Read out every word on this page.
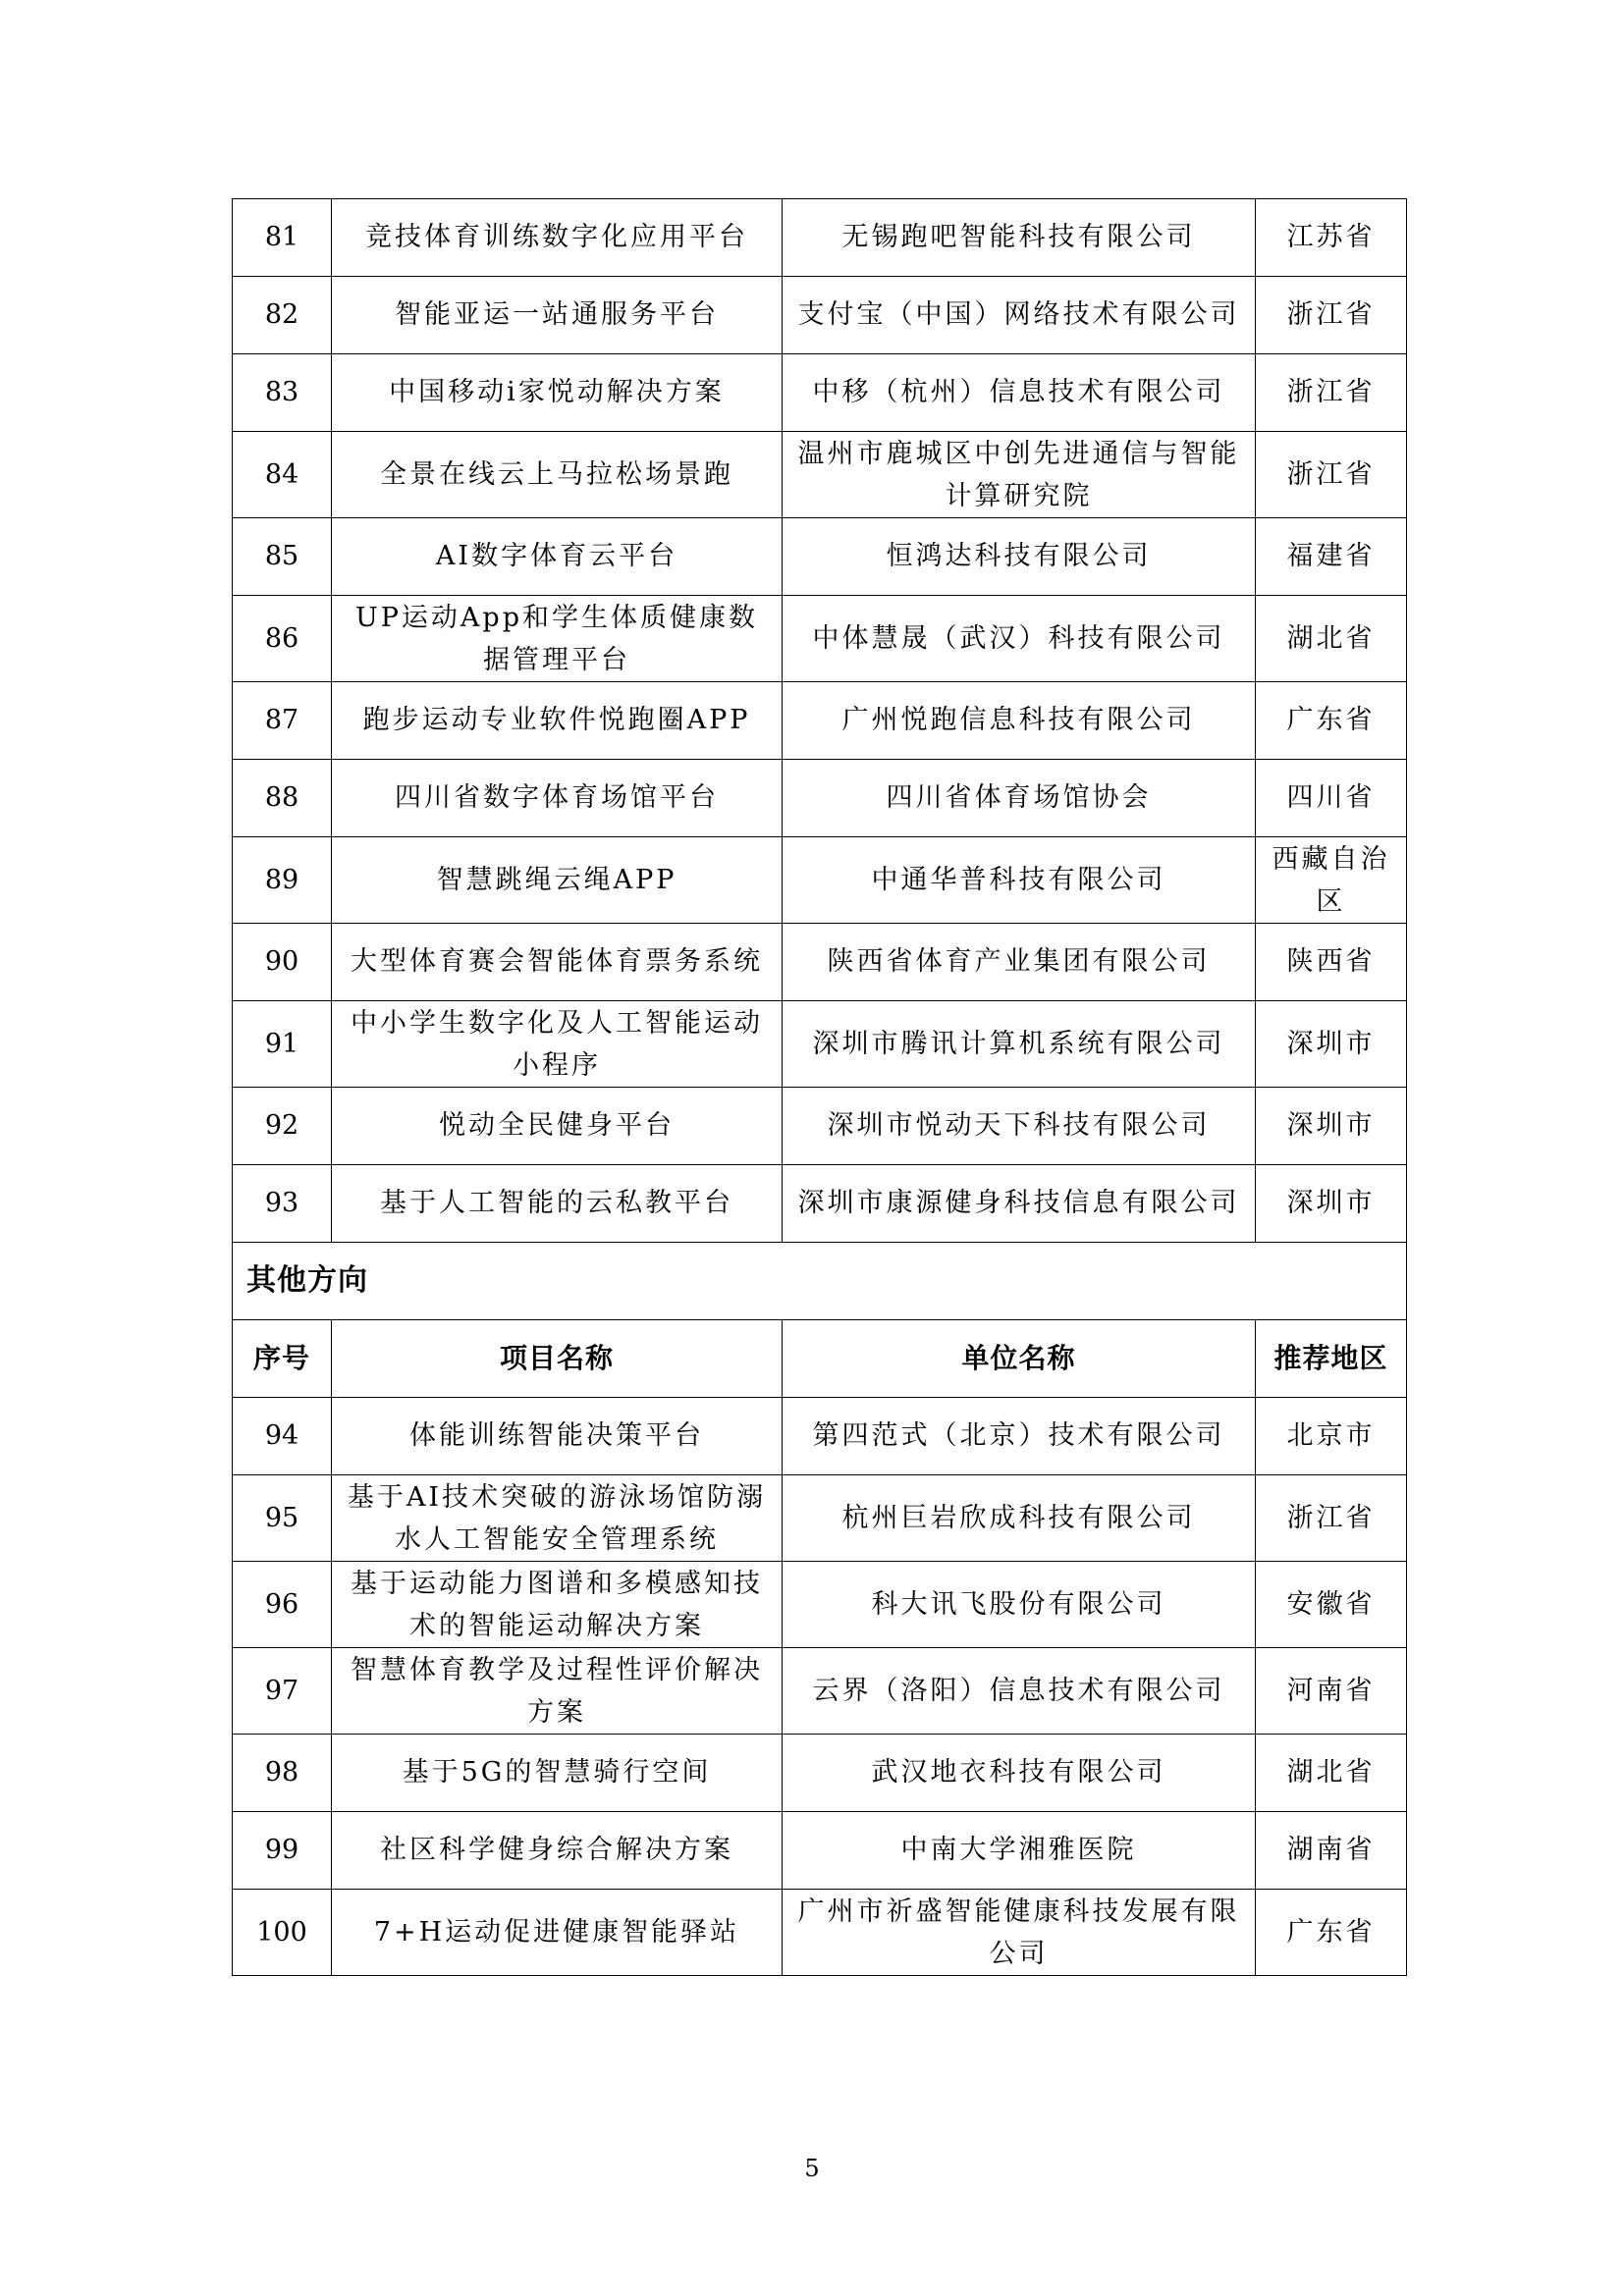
81	竞技体育训练数字化应用平台	无锡跑吧智能科技有限公司	江苏省
82	智能亚运一站通服务平台	支付宝（中国）网络技术有限公司	浙江省
83	中国移动i家悦动解决方案	中移（杭州）信息技术有限公司	浙江省
84	全景在线云上马拉松场景跑	温州市鹿城区中创先进通信与智能计算研究院	浙江省
85	AI数字体育云平台	恒鸿达科技有限公司	福建省
86	UP运动App和学生体质健康数据管理平台	中体慧晟（武汉）科技有限公司	湖北省
87	跑步运动专业软件悦跑圈APP	广州悦跑信息科技有限公司	广东省
88	四川省数字体育场馆平台	四川省体育场馆协会	四川省
89	智慧跳绳云绳APP	中通华普科技有限公司	西藏自治区
90	大型体育赛会智能体育票务系统	陕西省体育产业集团有限公司	陕西省
91	中小学生数字化及人工智能运动小程序	深圳市腾讯计算机系统有限公司	深圳市
92	悦动全民健身平台	深圳市悦动天下科技有限公司	深圳市
93	基于人工智能的云私教平台	深圳市康源健身科技信息有限公司	深圳市
其他方向			
序号	项目名称	单位名称	推荐地区
94	体能训练智能决策平台	第四范式（北京）技术有限公司	北京市
95	基于AI技术突破的游泳场馆防溺水人工智能安全管理系统	杭州巨岩欣成科技有限公司	浙江省
96	基于运动能力图谱和多模感知技术的智能运动解决方案	科大讯飞股份有限公司	安徽省
97	智慧体育教学及过程性评价解决方案	云界（洛阳）信息技术有限公司	河南省
98	基于5G的智慧骑行空间	武汉地衣科技有限公司	湖北省
99	社区科学健身综合解决方案	中南大学湘雅医院	湖南省
100	7+H运动促进健康智能驿站	广州市祈盛智能健康科技发展有限公司	广东省
5
